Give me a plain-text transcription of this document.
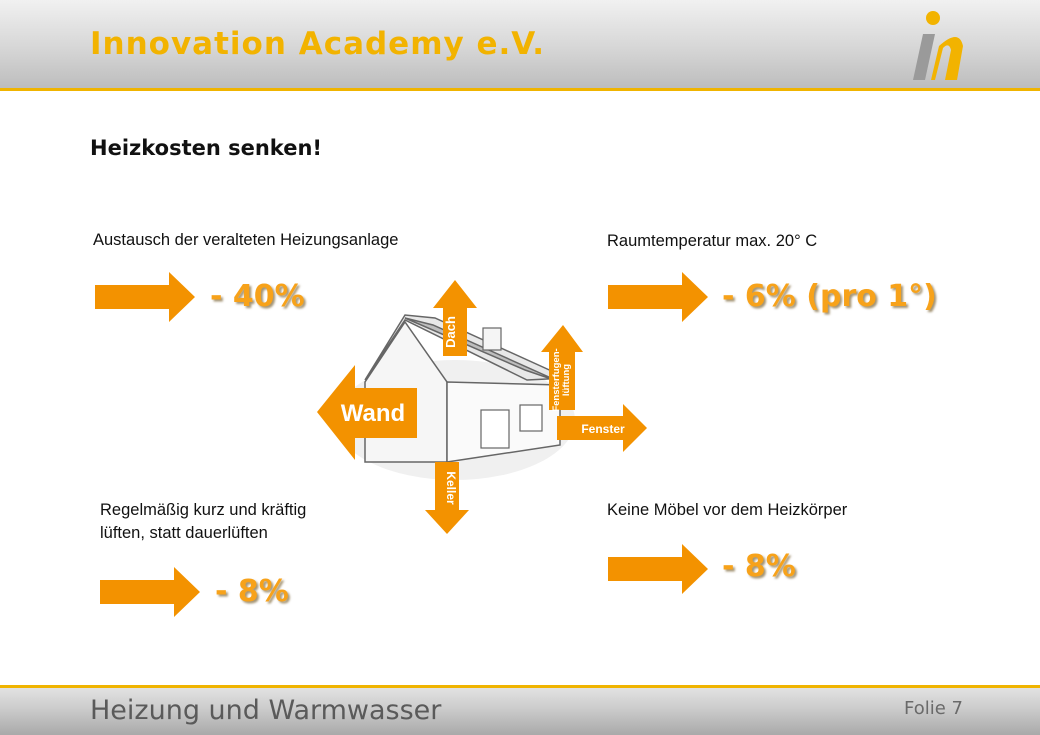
Innovation Academy e.V.
Heizkosten senken!
Austausch der veralteten Heizungsanlage
- 40%
Raumtemperatur max. 20° C
- 6% (pro 1°)
Regelmäßig kurz und kräftig
lüften, statt dauerlüften
- 8%
Keine Möbel vor dem Heizkörper
- 8%
Wand
Dach
Fensterfugen- lüftung
Fenster
Keller
Heizung und Warmwasser	Folie 7
